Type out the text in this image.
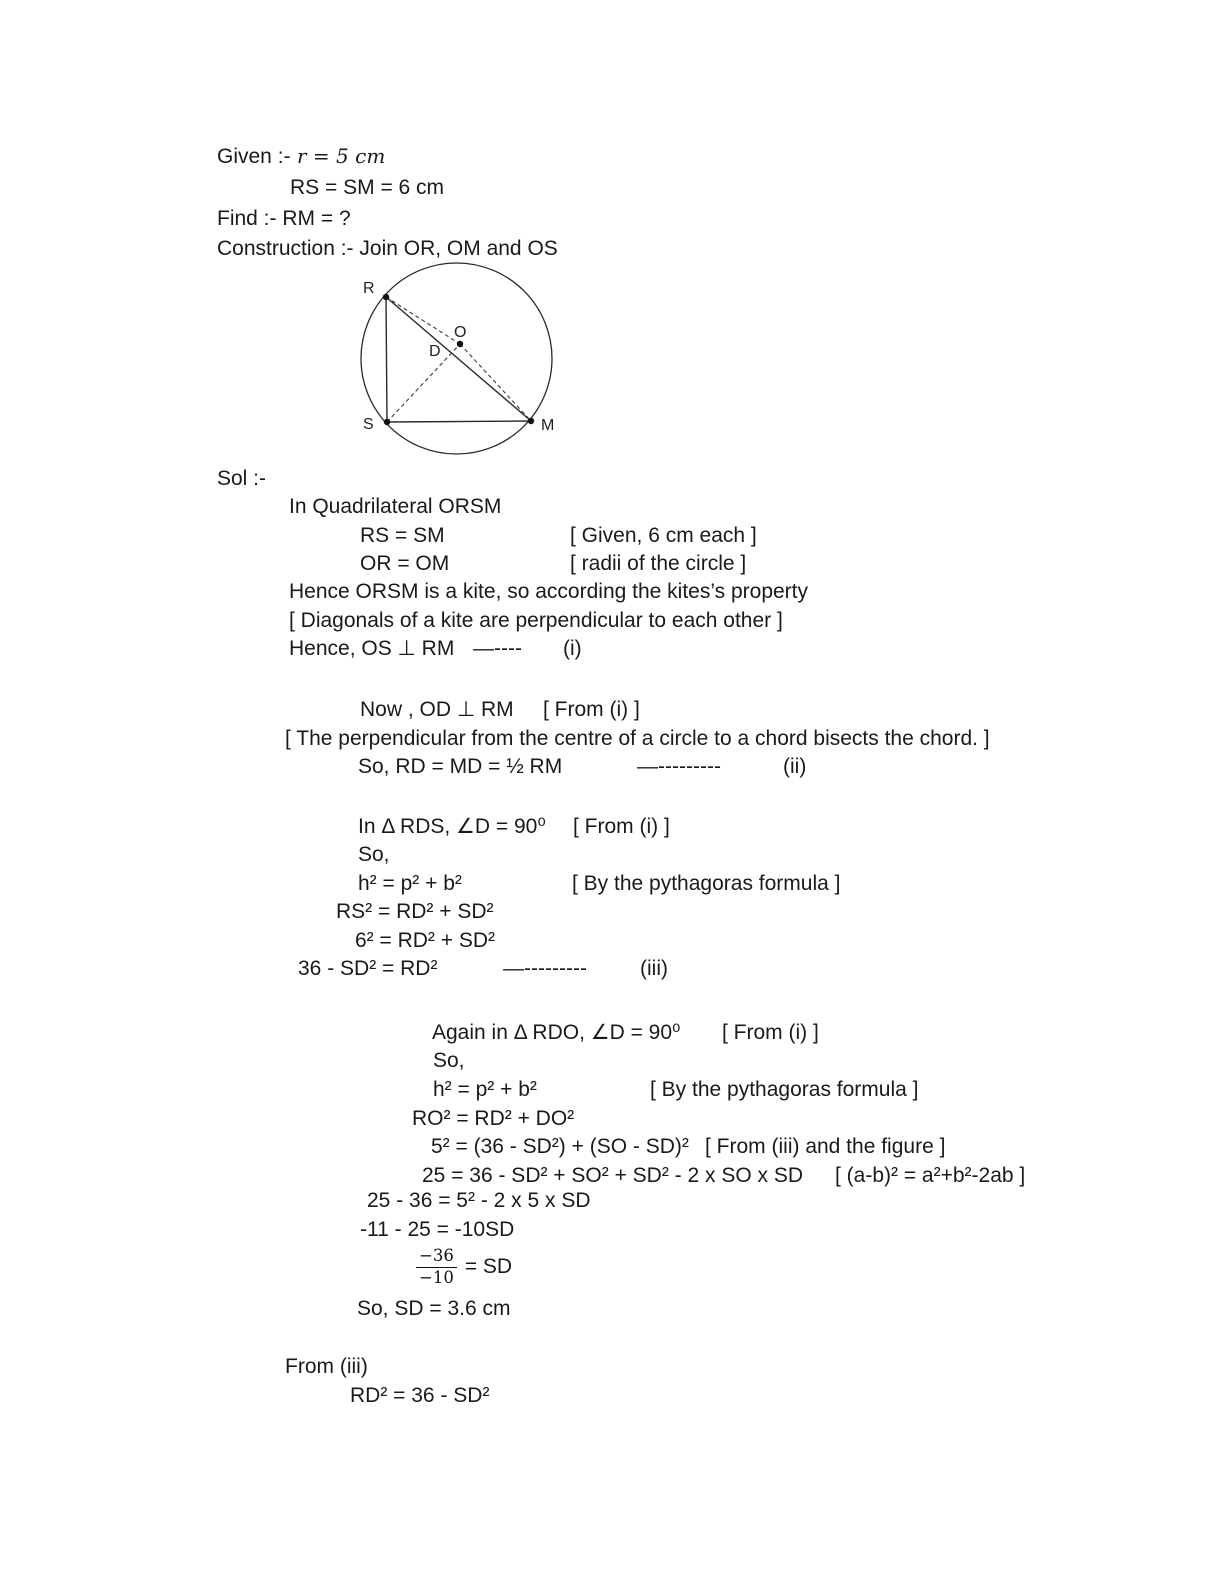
R
S	M
O
D
$\frac{-36}{-10}$ = SD
Given :- r = 5 cm
RS = SM = 6 cm
Find :- RM = ?
Construction :- Join OR, OM and OS
Sol :-
In Quadrilateral ORSM
RS = SM	[ Given, 6 cm each ]
OR = OM	[ radii of the circle ]
Hence ORSM is a kite, so according the kites’s property
[ Diagonals of a kite are perpendicular to each other ]
Hence, OS ⊥ RM —---- (i)
Now , OD ⊥ RM [ From (i) ]
[ The perpendicular from the centre of a circle to a chord bisects the chord. ]
So, RD = MD = ½ RM	—---------	(ii)
In Δ RDS, ∠D = 90⁰ [ From (i) ]
So,
h² = p² + b²	[ By the pythagoras formula ]
RS² = RD² + SD²
6² = RD² + SD²
36 - SD² = RD²	—---------	(iii)
Again in Δ RDO, ∠D = 90⁰ [ From (i) ]
So,
h² = p² + b²	[ By the pythagoras formula ]
RO² = RD² + DO²
5² = (36 - SD²) + (SO - SD)² [ From (iii) and the figure ]
25 = 36 - SD² + SO² + SD² - 2 x SO x SD [ (a-b)² = a²+b²-2ab ]
25 - 36 = 5² - 2 x 5 x SD
-11 - 25 = -10SD
So, SD = 3.6 cm
From (iii)
RD² = 36 - SD²
